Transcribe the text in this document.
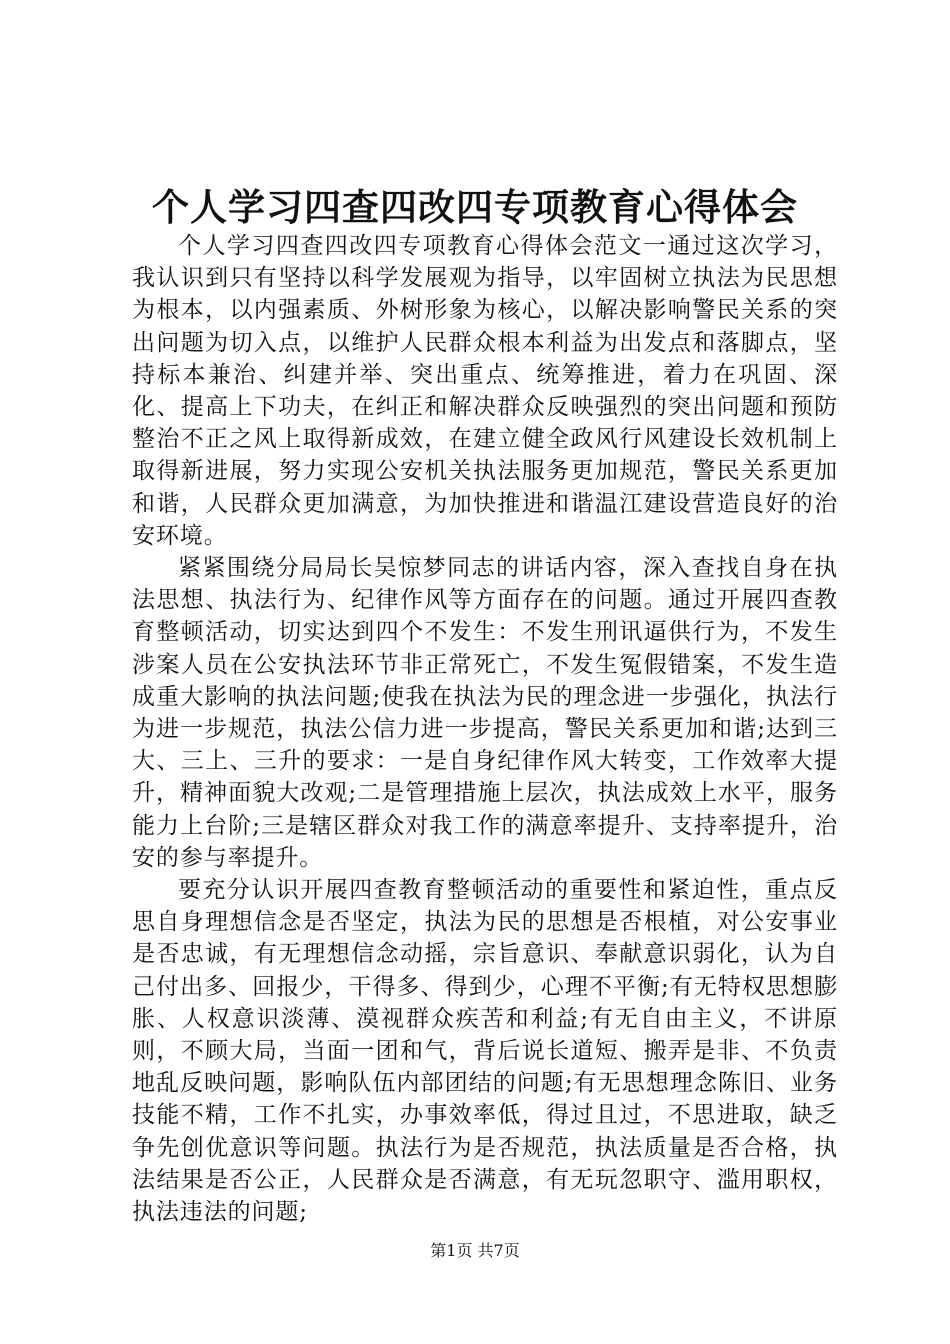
个人学习四查四改四专项教育心得体会

个人学习四查四改四专项教育心得体会范文一通过这次学习，我认识到只有坚持以科学发展观为指导，以牢固树立执法为民思想为根本，以内强素质、外树形象为核心，以解决影响警民关系的突出问题为切入点，以维护人民群众根本利益为出发点和落脚点，坚持标本兼治、纠建并举、突出重点、统筹推进，着力在巩固、深化、提高上下功夫，在纠正和解决群众反映强烈的突出问题和预防整治不正之风上取得新成效，在建立健全政风行风建设长效机制上取得新进展，努力实现公安机关执法服务更加规范，警民关系更加和谐，人民群众更加满意，为加快推进和谐温江建设营造良好的治安环境。

紧紧围绕分局局长吴惊梦同志的讲话内容，深入查找自身在执法思想、执法行为、纪律作风等方面存在的问题。通过开展四查教育整顿活动，切实达到四个不发生：不发生刑讯逼供行为，不发生涉案人员在公安执法环节非正常死亡，不发生冤假错案，不发生造成重大影响的执法问题;使我在执法为民的理念进一步强化，执法行为进一步规范，执法公信力进一步提高，警民关系更加和谐;达到三大、三上、三升的要求：一是自身纪律作风大转变，工作效率大提升，精神面貌大改观;二是管理措施上层次，执法成效上水平，服务能力上台阶;三是辖区群众对我工作的满意率提升、支持率提升，治安的参与率提升。

要充分认识开展四查教育整顿活动的重要性和紧迫性，重点反思自身理想信念是否坚定，执法为民的思想是否根植，对公安事业是否忠诚，有无理想信念动摇，宗旨意识、奉献意识弱化，认为自己付出多、回报少，干得多、得到少，心理不平衡;有无特权思想膨胀、人权意识淡薄、漠视群众疾苦和利益;有无自由主义，不讲原则，不顾大局，当面一团和气，背后说长道短、搬弄是非、不负责地乱反映问题，影响队伍内部团结的问题;有无思想理念陈旧、业务技能不精，工作不扎实，办事效率低，得过且过，不思进取，缺乏争先创优意识等问题。执法行为是否规范，执法质量是否合格，执法结果是否公正，人民群众是否满意，有无玩忽职守、滥用职权，执法违法的问题;

第1页 共7页
